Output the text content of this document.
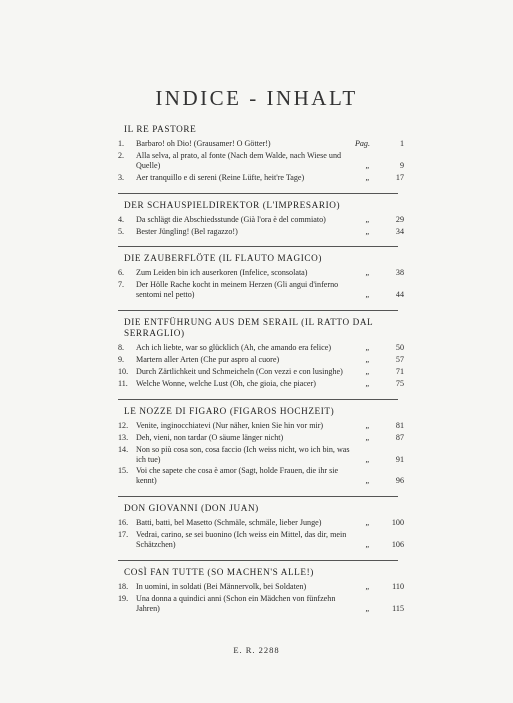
INDICE - INHALT
IL RE PASTORE
1. Barbaro! oh Dio! (Grausamer! O Götter!)	Pag.	1
2. Alla selva, al prato, al fonte (Nach dem Walde, nach Wiese und Quelle)	„	9
3. Aer tranquillo e di sereni (Reine Lüfte, heit're Tage)	„	17
DER SCHAUSPIELDIREKTOR (L'IMPRESARIO)
4. Da schlägt die Abschiedsstunde (Già l'ora è del commiato)	„	29
5. Bester Jüngling! (Bel ragazzo!)	„	34
DIE ZAUBERFLÖTE (IL FLAUTO MAGICO)
6. Zum Leiden bin ich auserkoren (Infelice, sconsolata)	„	38
7. Der Hölle Rache kocht in meinem Herzen (Gli angui d'inferno sentomi nel petto)	„	44
DIE ENTFÜHRUNG AUS DEM SERAIL (IL RATTO DAL SERRAGLIO)
8. Ach ich liebte, war so glücklich (Ah, che amando era felice)	„	50
9. Martern aller Arten (Che pur aspro al cuore)	„	57
10. Durch Zärtlichkeit und Schmeicheln (Con vezzi e con lusinghe)	„	71
11. Welche Wonne, welche Lust (Oh, che gioia, che piacer)	„	75
LE NOZZE DI FIGARO (FIGAROS HOCHZEIT)
12. Venite, inginocchiatevi (Nur näher, knien Sie hin vor mir)	„	81
13. Deh, vieni, non tardar (O säume länger nicht)	„	87
14. Non so più cosa son, cosa faccio (Ich weiss nicht, wo ich bin, was ich tue)	„	91
15. Voi che sapete che cosa è amor (Sagt, holde Frauen, die ihr sie kennt)	„	96
DON GIOVANNI (DON JUAN)
16. Batti, batti, bel Masetto (Schmäle, schmäle, lieber Junge)	„	100
17. Vedrai, carino, se sei buonino (Ich weiss ein Mittel, das dir, mein Schätzchen)	„	106
COSÌ FAN TUTTE (SO MACHEN'S ALLE!)
18. In uomini, in soldati (Bei Männervolk, bei Soldaten)	„	110
19. Una donna a quindici anni (Schon ein Mädchen von fünfzehn Jahren)	„	115
E. R. 2288
